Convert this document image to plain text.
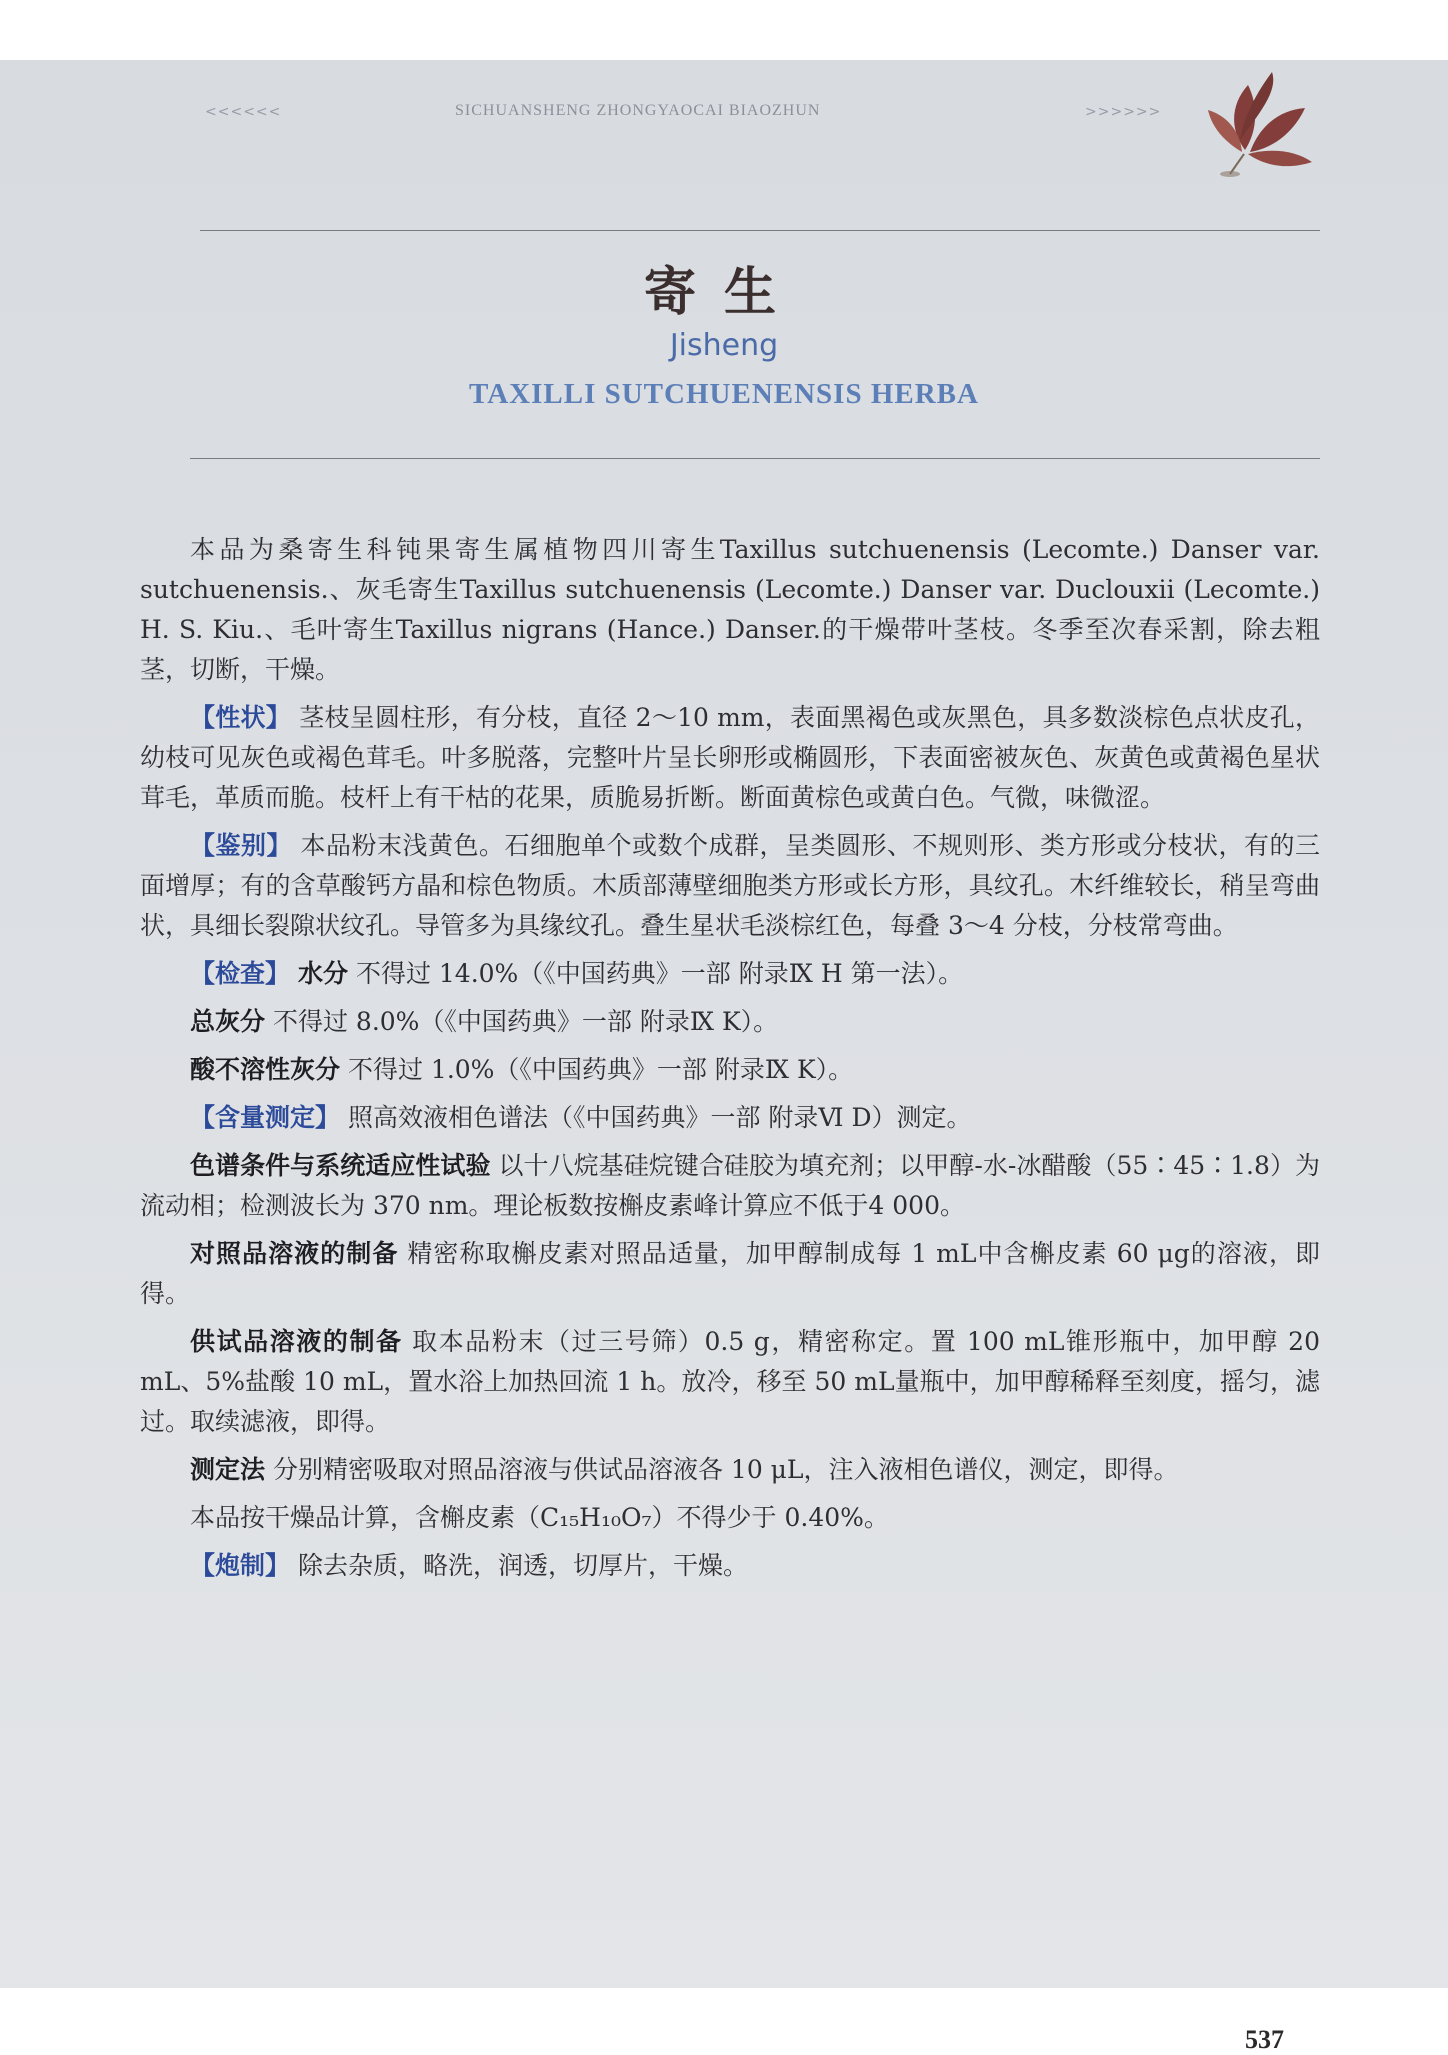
<<<<<<	SICHUANSHENG ZHONGYAOCAI BIAOZHUN	>>>>>>
寄生
Jisheng
TAXILLI SUTCHUENENSIS HERBA

本品为桑寄生科钝果寄生属植物四川寄生Taxillus sutchuenensis (Lecomte.) Danser var. sutchuenensis.、灰毛寄生Taxillus sutchuenensis (Lecomte.) Danser var. Duclouxii (Lecomte.) H. S. Kiu.、毛叶寄生Taxillus nigrans (Hance.) Danser.的干燥带叶茎枝。冬季至次春采割，除去粗茎，切断，干燥。

【性状】 茎枝呈圆柱形，有分枝，直径 2～10 mm，表面黑褐色或灰黑色，具多数淡棕色点状皮孔，幼枝可见灰色或褐色茸毛。叶多脱落，完整叶片呈长卵形或椭圆形，下表面密被灰色、灰黄色或黄褐色星状茸毛，革质而脆。枝杆上有干枯的花果，质脆易折断。断面黄棕色或黄白色。气微，味微涩。

【鉴别】 本品粉末浅黄色。石细胞单个或数个成群，呈类圆形、不规则形、类方形或分枝状，有的三面增厚；有的含草酸钙方晶和棕色物质。木质部薄壁细胞类方形或长方形，具纹孔。木纤维较长，稍呈弯曲状，具细长裂隙状纹孔。导管多为具缘纹孔。叠生星状毛淡棕红色，每叠 3～4 分枝，分枝常弯曲。

【检查】 水分 不得过 14.0%（《中国药典》一部 附录Ⅸ H 第一法）。

总灰分 不得过 8.0%（《中国药典》一部 附录Ⅸ K）。

酸不溶性灰分 不得过 1.0%（《中国药典》一部 附录Ⅸ K）。

【含量测定】 照高效液相色谱法（《中国药典》一部 附录Ⅵ D）测定。

色谱条件与系统适应性试验 以十八烷基硅烷键合硅胶为填充剂；以甲醇-水-冰醋酸（55∶45∶1.8）为流动相；检测波长为 370 nm。理论板数按槲皮素峰计算应不低于4 000。

对照品溶液的制备 精密称取槲皮素对照品适量，加甲醇制成每 1 mL中含槲皮素 60 μg的溶液，即得。

供试品溶液的制备 取本品粉末（过三号筛）0.5 g，精密称定。置 100 mL锥形瓶中，加甲醇 20 mL、5%盐酸 10 mL，置水浴上加热回流 1 h。放冷，移至 50 mL量瓶中，加甲醇稀释至刻度，摇匀，滤过。取续滤液，即得。

测定法 分别精密吸取对照品溶液与供试品溶液各 10 μL，注入液相色谱仪，测定，即得。

本品按干燥品计算，含槲皮素（C₁₅H₁₀O₇）不得少于 0.40%。

【炮制】 除去杂质，略洗，润透，切厚片，干燥。

537
